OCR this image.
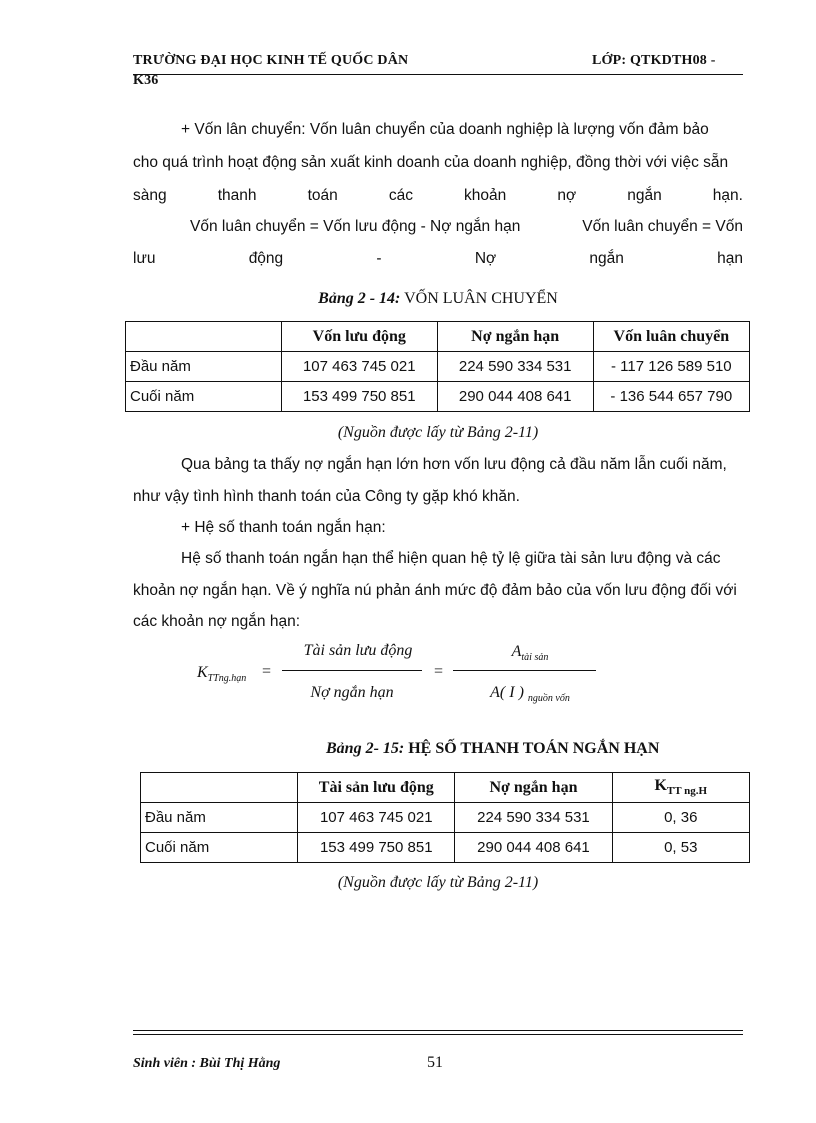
TRƯỜNG ĐẠI HỌC KINH TẾ QUỐC DÂN	LỚP: QTKDTH08 -
K36
+ Vốn lân chuyển: Vốn luân chuyển của doanh nghiệp là lượng vốn đảm bảo
cho quá trình hoạt động sản xuất kinh doanh của doanh nghiệp, đồng thời với việc sẵn
sàng	thanh	toán	các	khoản	nợ	ngắn	hạn.
Vốn luân chuyển = Vốn lưu động - Nợ ngắn hạn	Vốn luân chuyển = Vốn
lưu	động	-	Nợ	ngắn	hạn
Bảng 2 - 14: VỐN LUÂN CHUYỂN
	Vốn lưu động	Nợ ngắn hạn	Vốn luân chuyển
Đầu năm	107 463 745 021	224 590 334 531	- 117 126 589 510
Cuối năm	153 499 750 851	290 044 408 641	- 136 544 657 790
(Nguồn được lấy từ Bảng 2-11)
Qua bảng ta thấy nợ ngắn hạn lớn hơn vốn lưu động cả đầu năm lẫn cuối năm,
như vậy tình hình thanh toán của Công ty gặp khó khăn.
+ Hệ số thanh toán ngắn hạn:
Hệ số thanh toán ngắn hạn thể hiện quan hệ tỷ lệ giữa tài sản lưu động và các
khoản nợ ngắn hạn. Về ý nghĩa nú phản ánh mức độ đảm bảo của vốn lưu động đối với
các khoản nợ ngắn hạn:
$K_{TTng.hạn}$ =
Tài sản lưu động
Nợ ngắn hạn
=
$A_{tài sản}$
A( I ) $_{nguồn vốn}$
Bảng 2- 15: HỆ SỐ THANH TOÁN NGẮN HẠN
	Tài sản lưu động	Nợ ngắn hạn	$K_{TT ng.H}$
Đầu năm	107 463 745 021	224 590 334 531	0, 36
Cuối năm	153 499 750 851	290 044 408 641	0, 53
(Nguồn được lấy từ Bảng 2-11)
Sinh viên : Bùi Thị Hằng	51
